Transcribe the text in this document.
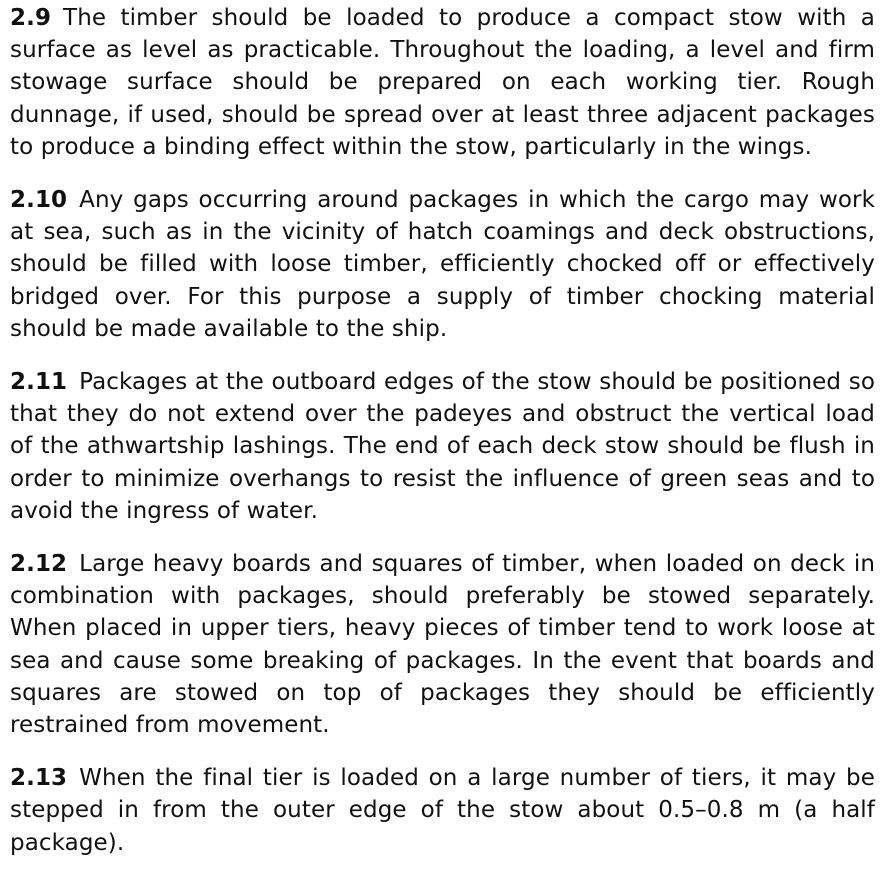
2.9 The timber should be loaded to produce a compact stow with a surface as level as practicable. Throughout the loading, a level and firm stowage surface should be prepared on each working tier. Rough dunnage, if used, should be spread over at least three adjacent packages to produce a binding effect within the stow, particularly in the wings.

2.10 Any gaps occurring around packages in which the cargo may work at sea, such as in the vicinity of hatch coamings and deck obstructions, should be filled with loose timber, efficiently chocked off or effectively bridged over. For this purpose a supply of timber chocking material should be made available to the ship.

2.11 Packages at the outboard edges of the stow should be positioned so that they do not extend over the padeyes and obstruct the vertical load of the athwartship lashings. The end of each deck stow should be flush in order to minimize overhangs to resist the influence of green seas and to avoid the ingress of water.

2.12 Large heavy boards and squares of timber, when loaded on deck in combination with packages, should preferably be stowed separately. When placed in upper tiers, heavy pieces of timber tend to work loose at sea and cause some breaking of packages. In the event that boards and squares are stowed on top of packages they should be efficiently restrained from movement.

2.13 When the final tier is loaded on a large number of tiers, it may be stepped in from the outer edge of the stow about 0.5–0.8 m (a half package).
